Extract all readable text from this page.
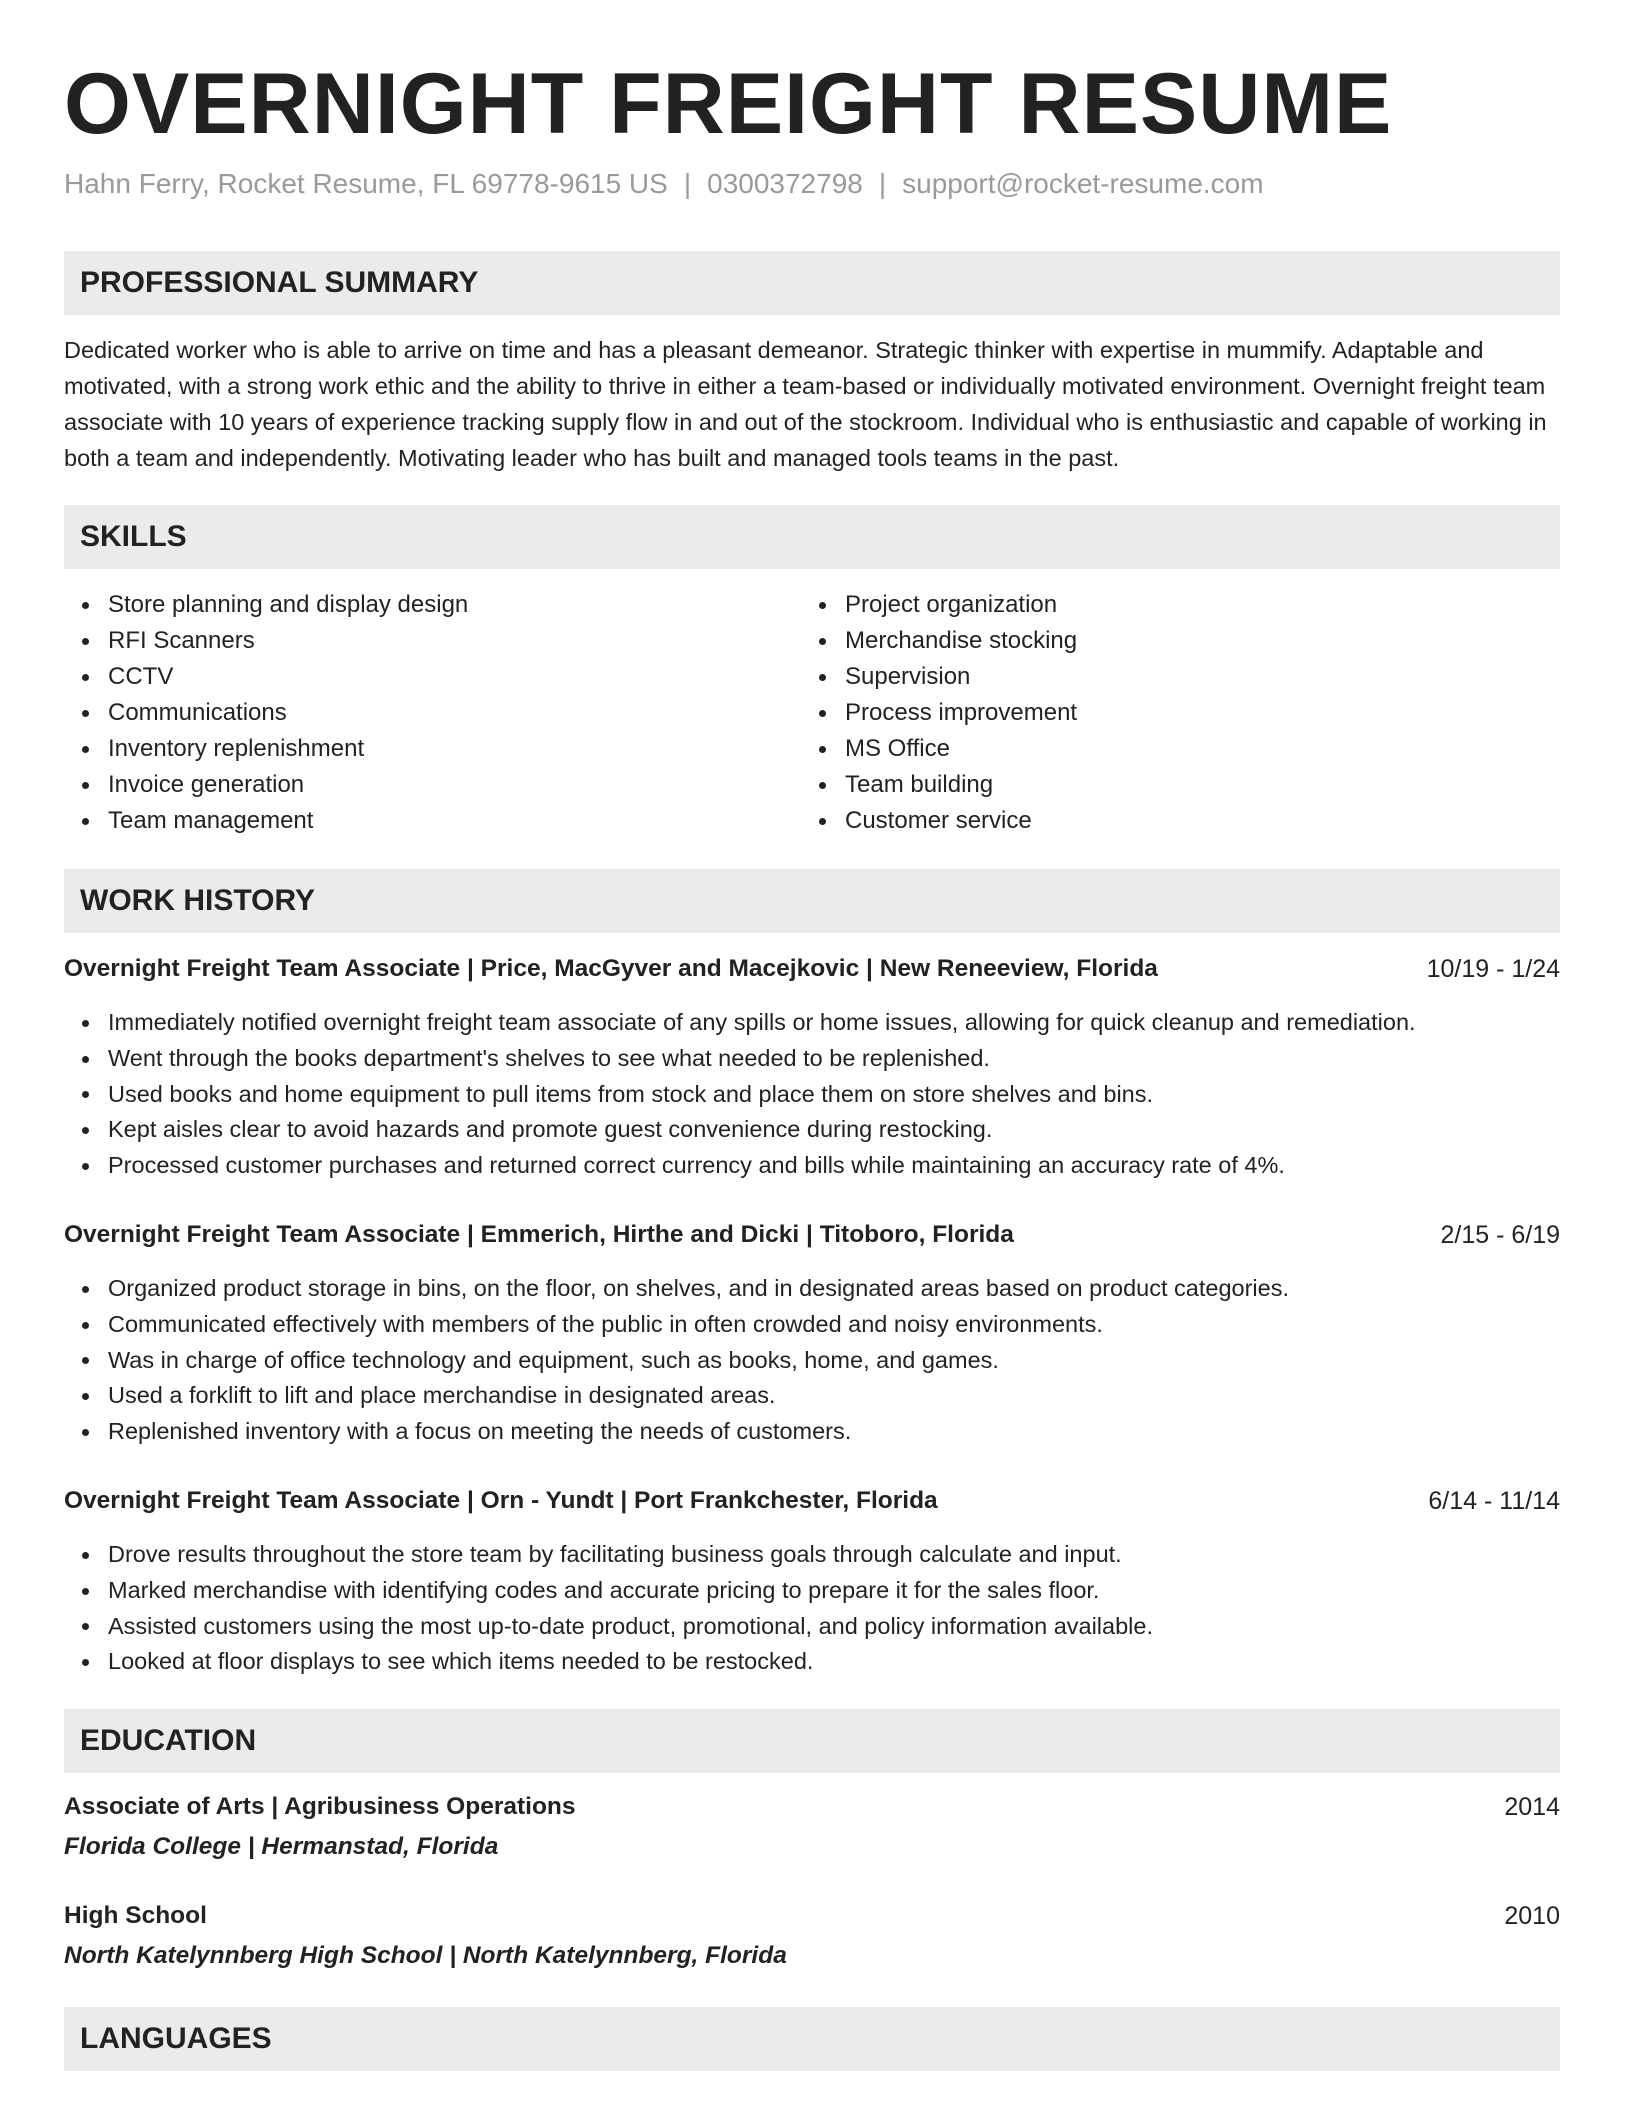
OVERNIGHT FREIGHT RESUME
Hahn Ferry, Rocket Resume, FL 69778-9615 US | 0300372798 | support@rocket-resume.com
PROFESSIONAL SUMMARY
Dedicated worker who is able to arrive on time and has a pleasant demeanor. Strategic thinker with expertise in mummify. Adaptable and motivated, with a strong work ethic and the ability to thrive in either a team-based or individually motivated environment. Overnight freight team associate with 10 years of experience tracking supply flow in and out of the stockroom. Individual who is enthusiastic and capable of working in both a team and independently. Motivating leader who has built and managed tools teams in the past.
SKILLS
Store planning and display design
RFI Scanners
CCTV
Communications
Inventory replenishment
Invoice generation
Team management
Project organization
Merchandise stocking
Supervision
Process improvement
MS Office
Team building
Customer service
WORK HISTORY
Overnight Freight Team Associate | Price, MacGyver and Macejkovic | New Reneeview, Florida	10/19 - 1/24
Immediately notified overnight freight team associate of any spills or home issues, allowing for quick cleanup and remediation.
Went through the books department's shelves to see what needed to be replenished.
Used books and home equipment to pull items from stock and place them on store shelves and bins.
Kept aisles clear to avoid hazards and promote guest convenience during restocking.
Processed customer purchases and returned correct currency and bills while maintaining an accuracy rate of 4%.
Overnight Freight Team Associate | Emmerich, Hirthe and Dicki | Titoboro, Florida	2/15 - 6/19
Organized product storage in bins, on the floor, on shelves, and in designated areas based on product categories.
Communicated effectively with members of the public in often crowded and noisy environments.
Was in charge of office technology and equipment, such as books, home, and games.
Used a forklift to lift and place merchandise in designated areas.
Replenished inventory with a focus on meeting the needs of customers.
Overnight Freight Team Associate | Orn - Yundt | Port Frankchester, Florida	6/14 - 11/14
Drove results throughout the store team by facilitating business goals through calculate and input.
Marked merchandise with identifying codes and accurate pricing to prepare it for the sales floor.
Assisted customers using the most up-to-date product, promotional, and policy information available.
Looked at floor displays to see which items needed to be restocked.
EDUCATION
Associate of Arts | Agribusiness Operations	2014
Florida College | Hermanstad, Florida
High School	2010
North Katelynnberg High School | North Katelynnberg, Florida
LANGUAGES
